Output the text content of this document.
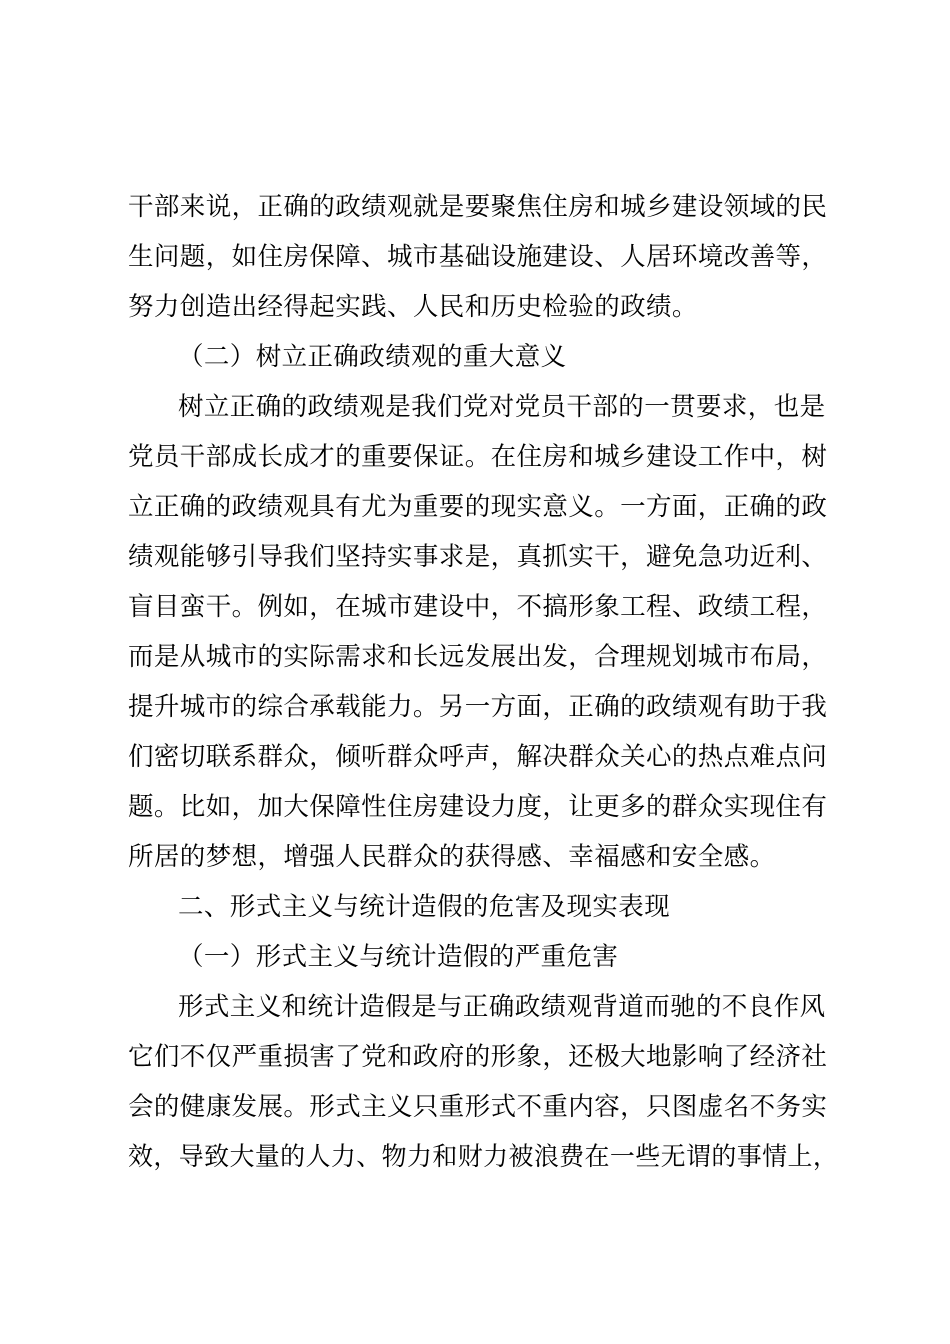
干部来说，正确的政绩观就是要聚焦住房和城乡建设领域的民
生问题，如住房保障、城市基础设施建设、人居环境改善等，
努力创造出经得起实践、人民和历史检验的政绩。
（二）树立正确政绩观的重大意义
树立正确的政绩观是我们党对党员干部的一贯要求，也是
党员干部成长成才的重要保证。在住房和城乡建设工作中，树
立正确的政绩观具有尤为重要的现实意义。一方面，正确的政
绩观能够引导我们坚持实事求是，真抓实干，避免急功近利、
盲目蛮干。例如，在城市建设中，不搞形象工程、政绩工程，
而是从城市的实际需求和长远发展出发，合理规划城市布局，
提升城市的综合承载能力。另一方面，正确的政绩观有助于我
们密切联系群众，倾听群众呼声，解决群众关心的热点难点问
题。比如，加大保障性住房建设力度，让更多的群众实现住有
所居的梦想，增强人民群众的获得感、幸福感和安全感。
二、形式主义与统计造假的危害及现实表现
（一）形式主义与统计造假的严重危害
形式主义和统计造假是与正确政绩观背道而驰的不良作风
它们不仅严重损害了党和政府的形象，还极大地影响了经济社
会的健康发展。形式主义只重形式不重内容，只图虚名不务实
效，导致大量的人力、物力和财力被浪费在一些无谓的事情上，
